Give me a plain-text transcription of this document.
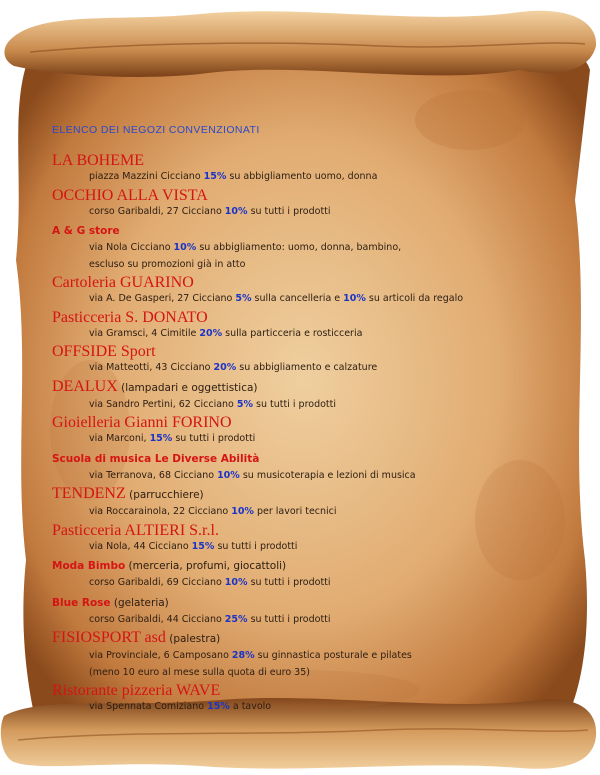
ELENCO DEI NEGOZI CONVENZIONATI
LA BOHEME
piazza Mazzini Cicciano 15% su abbigliamento uomo, donna
OCCHIO ALLA VISTA
corso Garibaldi, 27 Cicciano 10% su tutti i prodotti
A & G store
via Nola Cicciano 10% su abbigliamento: uomo, donna, bambino,
escluso su promozioni già in atto
Cartoleria GUARINO
via A. De Gasperi, 27 Cicciano 5% sulla cancelleria e 10% su articoli da regalo
Pasticceria S. DONATO
via Gramsci, 4 Cimitile 20% sulla particceria e rosticceria
OFFSIDE Sport
via Matteotti, 43 Cicciano 20% su abbigliamento e calzature
DEALUX (lampadari e oggettistica)
via Sandro Pertini, 62 Cicciano 5% su tutti i prodotti
Gioielleria Gianni FORINO
via Marconi, 15% su tutti i prodotti
Scuola di musica Le Diverse Abilità
via Terranova, 68 Cicciano 10% su musicoterapia e lezioni di musica
TENDENZ (parrucchiere)
via Roccarainola, 22 Cicciano 10% per lavori tecnici
Pasticceria ALTIERI S.r.l.
via Nola, 44 Cicciano 15% su tutti i prodotti
Moda Bimbo (merceria, profumi, giocattoli)
corso Garibaldi, 69 Cicciano 10% su tutti i prodotti
Blue Rose (gelateria)
corso Garibaldi, 44 Cicciano 25% su tutti i prodotti
FISIOSPORT asd (palestra)
via Provinciale, 6 Camposano 28% su ginnastica posturale e pilates
(meno 10 euro al mese sulla quota di euro 35)
Ristorante pizzeria WAVE
via Spennata Comiziano 15% a tavolo
